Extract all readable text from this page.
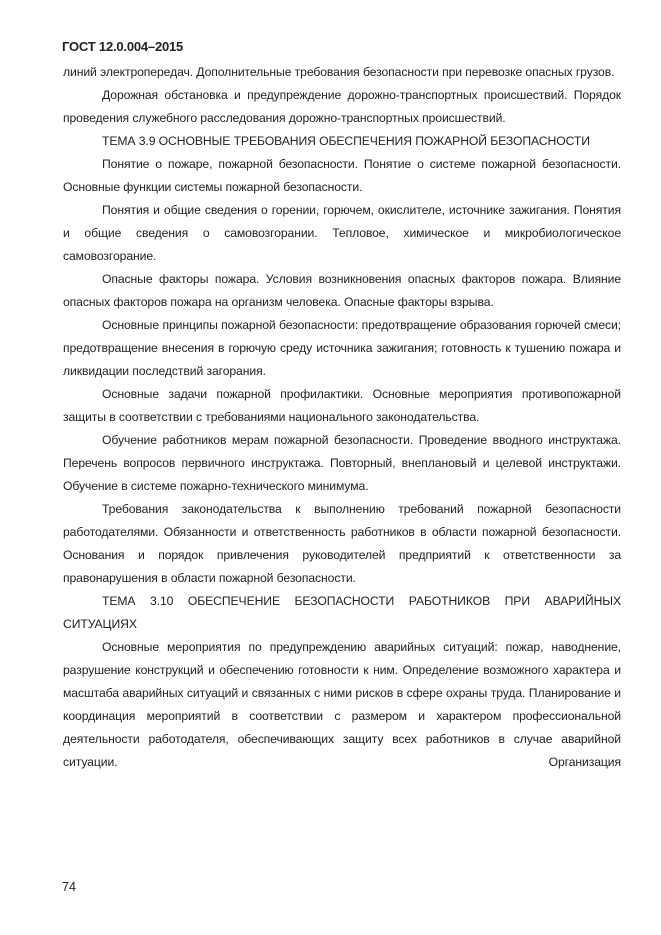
ГОСТ 12.0.004–2015

линий электропередач. Дополнительные требования безопасности при перевозке опасных грузов.

Дорожная обстановка и предупреждение дорожно-транспортных происшествий. Порядок проведения служебного расследования дорожно-транспортных происшествий.

ТЕМА 3.9 ОСНОВНЫЕ ТРЕБОВАНИЯ ОБЕСПЕЧЕНИЯ ПОЖАРНОЙ БЕЗОПАСНОСТИ

Понятие о пожаре, пожарной безопасности. Понятие о системе пожарной безопасности. Основные функции системы пожарной безопасности.

Понятия и общие сведения о горении, горючем, окислителе, источнике зажигания. Понятия и общие сведения о самовозгорании. Тепловое, химическое и микробиологическое самовозгорание.

Опасные факторы пожара. Условия возникновения опасных факторов пожара. Влияние опасных факторов пожара на организм человека. Опасные факторы взрыва.

Основные принципы пожарной безопасности: предотвращение образования горючей смеси; предотвращение внесения в горючую среду источника зажигания; готовность к тушению пожара и ликвидации последствий загорания.

Основные задачи пожарной профилактики. Основные мероприятия противопожарной защиты в соответствии с требованиями национального законодательства.

Обучение работников мерам пожарной безопасности. Проведение вводного инструктажа. Перечень вопросов первичного инструктажа. Повторный, внеплановый и целевой инструктажи. Обучение в системе пожарно-технического минимума.

Требования законодательства к выполнению требований пожарной безопасности работодателями. Обязанности и ответственность работников в области пожарной безопасности. Основания и порядок привлечения руководителей предприятий к ответственности за правонарушения в области пожарной безопасности.

ТЕМА 3.10 ОБЕСПЕЧЕНИЕ БЕЗОПАСНОСТИ РАБОТНИКОВ ПРИ АВАРИЙНЫХ СИТУАЦИЯХ

Основные мероприятия по предупреждению аварийных ситуаций: пожар, наводнение, разрушение конструкций и обеспечению готовности к ним. Определение возможного характера и масштаба аварийных ситуаций и связанных с ними рисков в сфере охраны труда. Планирование и координация мероприятий в соответствии с размером и характером профессиональной деятельности работодателя, обеспечивающих защиту всех работников в случае аварийной ситуации. Организация

74
